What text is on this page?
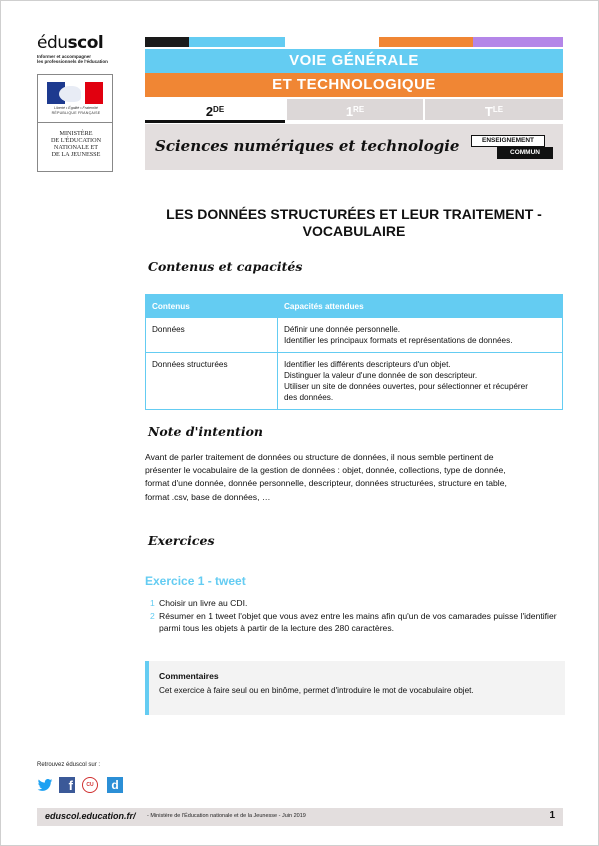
éduscol
Informer et accompagner
les professionnels de l'éducation
Liberté • Égalité • Fraternité
RÉPUBLIQUE FRANÇAISE
MINISTÈRE
DE L'ÉDUCATION
NATIONALE ET
DE LA JEUNESSE
VOIE GÉNÉRALE
ET TECHNOLOGIQUE
2DE	1RE	$T^{LE}$
Sciences numériques et technologie	ENSEIGNEMENT
COMMUN
LES DONNÉES STRUCTURÉES ET LEUR TRAITEMENT -
VOCABULAIRE
Contenus et capacités
Contenus	Capacités attendues
Données	Définir une donnée personnelle.
Identifier les principaux formats et représentations de données.

Données structurées	Identifier les différents descripteurs d'un objet.
Distinguer la valeur d'une donnée de son descripteur.
Utiliser un site de données ouvertes, pour sélectionner et récupérer
des données.
Note d'intention
Avant de parler traitement de données ou structure de données, il nous semble pertinent de
présenter le vocabulaire de la gestion de données : objet, donnée, collections, type de donnée,
format d'une donnée, donnée personnelle, descripteur, données structurées, structure en table,
format .csv, base de données, …
Exercices
Exercice 1 - tweet
1 Choisir un livre au CDI.
2 Résumer en 1 tweet l'objet que vous avez entre les mains afin qu'un de vos camarades puisse l'identifier parmi tous les objets à partir de la lecture des 280 caractères.
Commentaires
Cet exercice à faire seul ou en binôme, permet d'introduire le mot de vocabulaire objet.
Retrouvez éduscol sur :
f	CU	d
eduscol.education.fr/ - Ministère de l'Éducation nationale et de la Jeunesse - Juin 2019	1
